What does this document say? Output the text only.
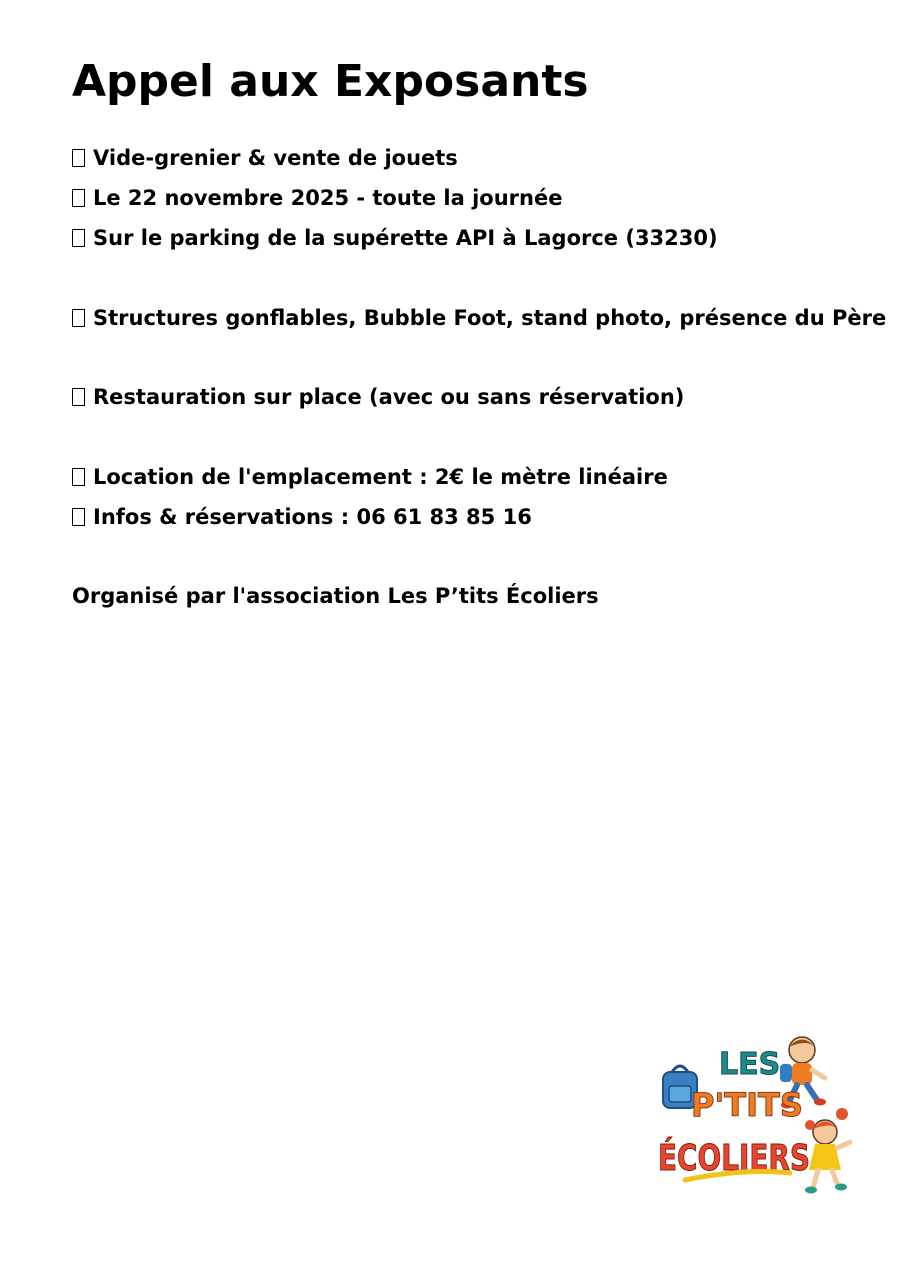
Appel aux Exposants

Vide-grenier & vente de jouets

Le 22 novembre 2025 - toute la journée

Sur le parking de la supérette API à Lagorce (33230)

Structures gonflables, Bubble Foot, stand photo, présence du Père

Restauration sur place (avec ou sans réservation)

Location de l'emplacement : 2€ le mètre linéaire

Infos & réservations : 06 61 83 85 16

Organisé par l'association Les P’tits Écoliers

LES
P'TITS
ÉCOLIERS
